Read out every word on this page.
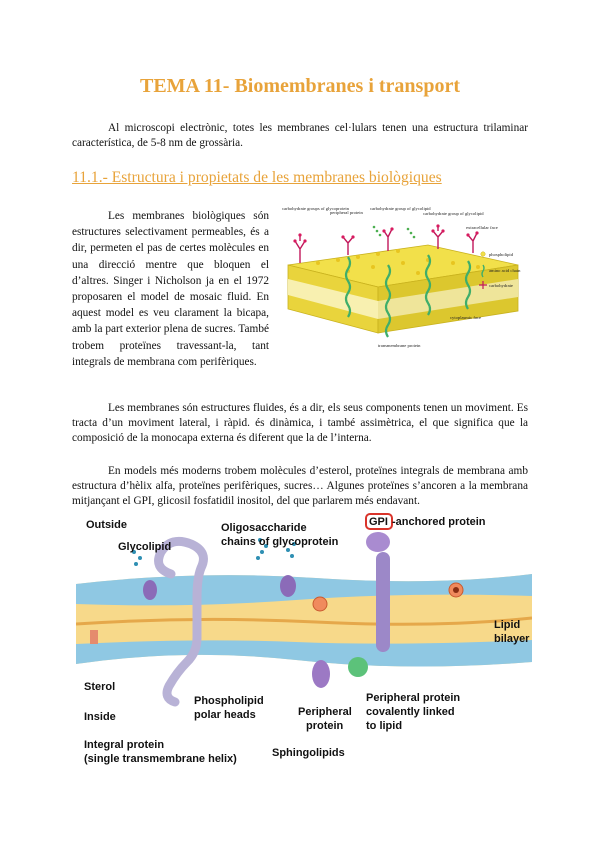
TEMA 11- Biomembranes i transport

Al microscopi electrònic, totes les membranes cel·lulars tenen una estructura trilaminar característica, de 5-8 nm de grossària.

11.1.- Estructura i propietats de les membranes biològiques

Les membranes biològiques són estructures selectivament permeables, és a dir, permeten el pas de certes molècules en una direcció mentre que bloquen el d’altres. Singer i Nicholson ja en el 1972 proposaren el model de mosaic fluid. En aquest model es veu clarament la bicapa, amb la part exterior plena de sucres. També trobem proteïnes travessant-la, tant integrals de membrana com perifèriques.

carbohydrate groups of glycoprotein
peripheral protein
carbohydrate group of glycolipid
carbohydrate group of glycolipid
extracellular face
phospholipid
amino acid chain
carbohydrate
cytoplasmic face
transmembrane protein

Les membranes són estructures fluides, és a dir, els seus components tenen un moviment. Es tracta d’un moviment lateral, i ràpid. és dinàmica, i també assimètrica, el que significa que la composició de la monocapa externa és diferent que la de l’interna.

En models més moderns trobem molècules d’esterol, proteïnes integrals de membrana amb estructura d’hèlix alfa, proteïnes perifèriques, sucres… Algunes proteïnes s’ancoren a la membrana mitjançant el GPI, glicosil fosfatidil inositol, del que parlarem més endavant.

Outside
Glycolipid
Oligosaccharide
chains of glycoprotein
GPI -anchored protein
Lipid
bilayer
Sterol
Inside
Phospholipid
polar heads	Peripheral
protein
Peripheral protein
covalently linked
to lipid
Integral protein
(single transmembrane helix)	Sphingolipids
